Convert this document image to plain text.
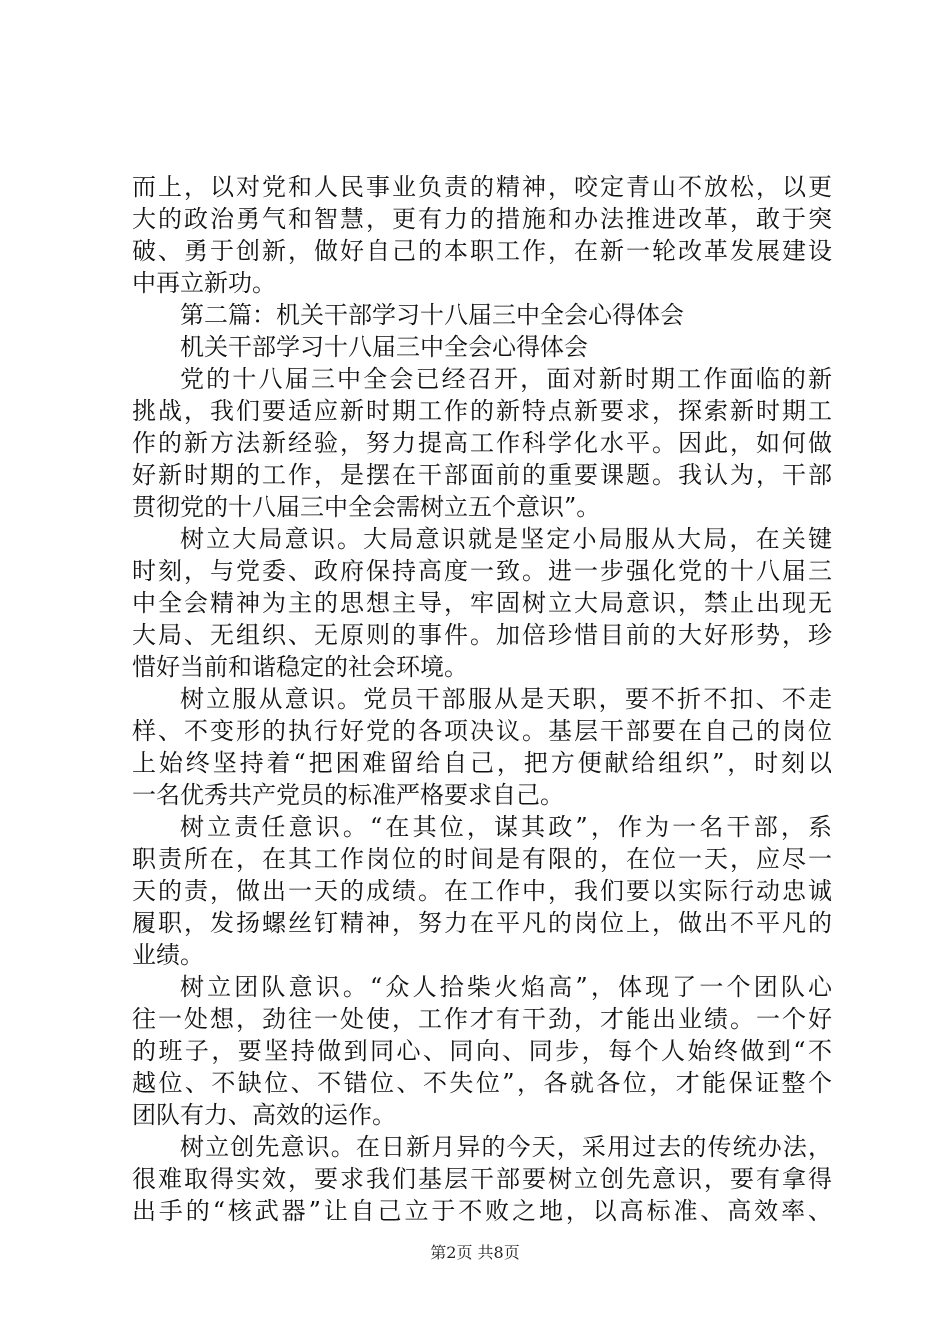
而上，以对党和人民事业负责的精神，咬定青山不放松，以更
大的政治勇气和智慧，更有力的措施和办法推进改革，敢于突
破、勇于创新，做好自己的本职工作，在新一轮改革发展建设
中再立新功。
第二篇：机关干部学习十八届三中全会心得体会
机关干部学习十八届三中全会心得体会
党的十八届三中全会已经召开，面对新时期工作面临的新
挑战，我们要适应新时期工作的新特点新要求，探索新时期工
作的新方法新经验，努力提高工作科学化水平。因此，如何做
好新时期的工作，是摆在干部面前的重要课题。我认为，干部
贯彻党的十八届三中全会需树立五个意识”。
树立大局意识。大局意识就是坚定小局服从大局，在关键
时刻，与党委、政府保持高度一致。进一步强化党的十八届三
中全会精神为主的思想主导，牢固树立大局意识，禁止出现无
大局、无组织、无原则的事件。加倍珍惜目前的大好形势，珍
惜好当前和谐稳定的社会环境。
树立服从意识。党员干部服从是天职，要不折不扣、不走
样、不变形的执行好党的各项决议。基层干部要在自己的岗位
上始终坚持着“把困难留给自己，把方便献给组织”，时刻以
一名优秀共产党员的标准严格要求自己。
树立责任意识。“在其位，谋其政”，作为一名干部，系
职责所在，在其工作岗位的时间是有限的，在位一天，应尽一
天的责，做出一天的成绩。在工作中，我们要以实际行动忠诚
履职，发扬螺丝钉精神，努力在平凡的岗位上，做出不平凡的
业绩。
树立团队意识。“众人拾柴火焰高”，体现了一个团队心
往一处想，劲往一处使，工作才有干劲，才能出业绩。一个好
的班子，要坚持做到同心、同向、同步，每个人始终做到“不
越位、不缺位、不错位、不失位”，各就各位，才能保证整个
团队有力、高效的运作。
树立创先意识。在日新月异的今天，采用过去的传统办法，
很难取得实效，要求我们基层干部要树立创先意识，要有拿得
出手的“核武器”让自己立于不败之地，以高标准、高效率、
第2页 共8页
